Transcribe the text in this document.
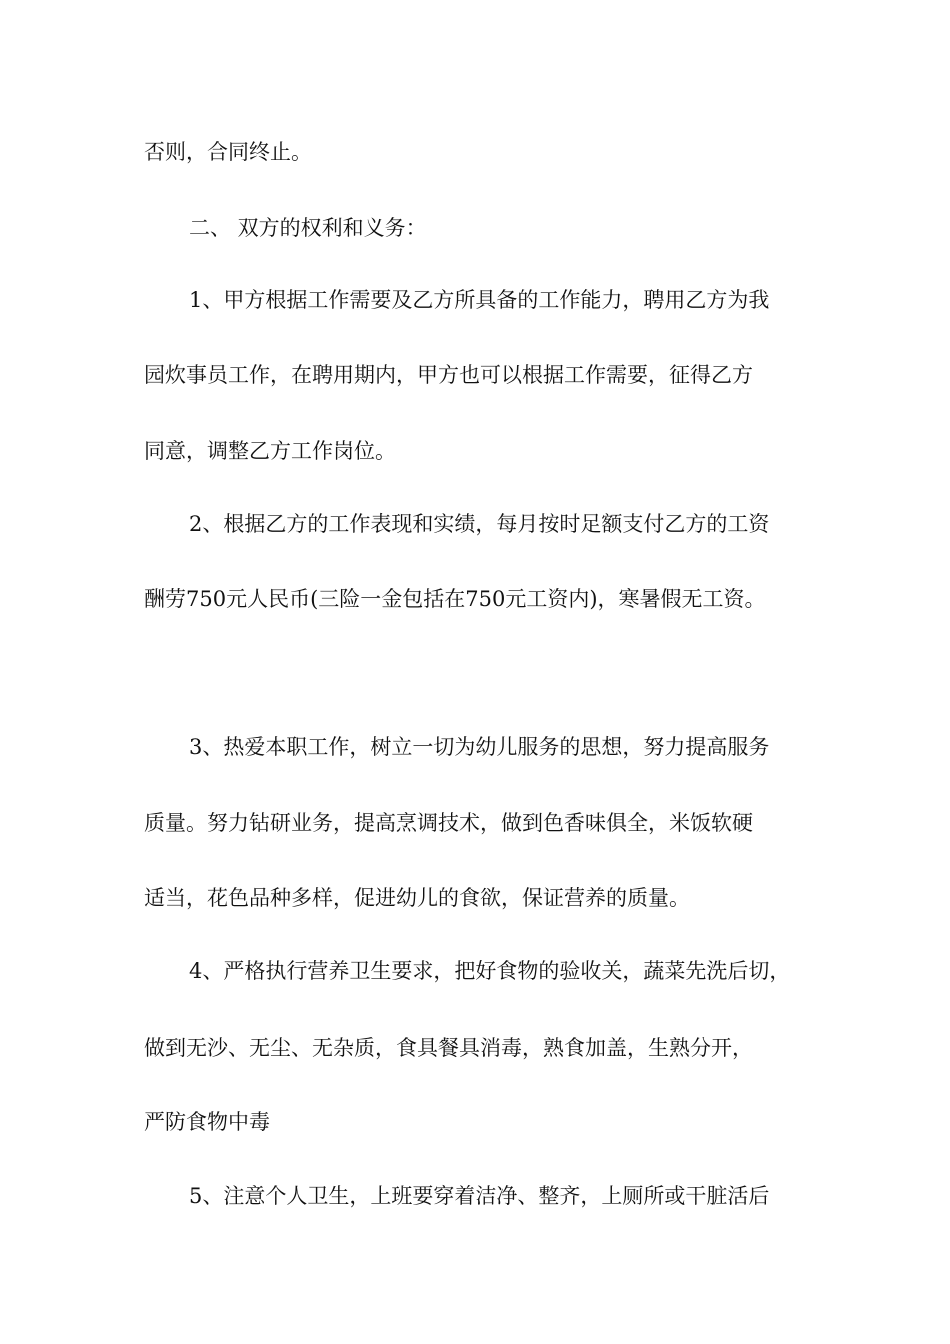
否则，合同终止。

二、 双方的权利和义务：

1、甲方根据工作需要及乙方所具备的工作能力，聘用乙方为我

园炊事员工作，在聘用期内，甲方也可以根据工作需要，征得乙方

同意，调整乙方工作岗位。

2、根据乙方的工作表现和实绩，每月按时足额支付乙方的工资

酬劳750元人民币(三险一金包括在750元工资内)，寒暑假无工资。

3、热爱本职工作，树立一切为幼儿服务的思想，努力提高服务

质量。努力钻研业务，提高烹调技术，做到色香味俱全，米饭软硬

适当，花色品种多样，促进幼儿的食欲，保证营养的质量。

4、严格执行营养卫生要求，把好食物的验收关，蔬菜先洗后切，

做到无沙、无尘、无杂质，食具餐具消毒，熟食加盖，生熟分开，

严防食物中毒

5、注意个人卫生，上班要穿着洁净、整齐，上厕所或干脏活后
